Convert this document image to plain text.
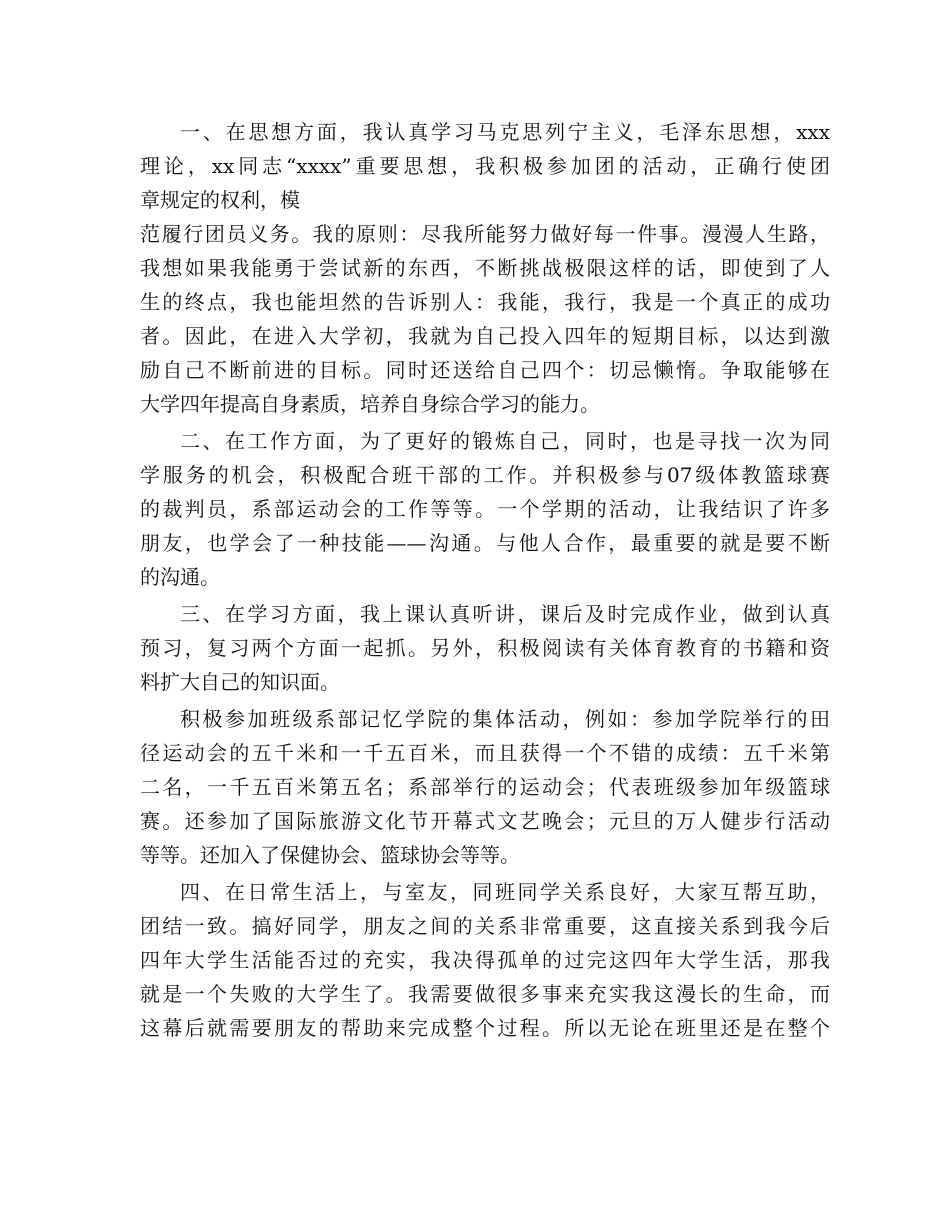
一、在思想方面，我认真学习马克思列宁主义，毛泽东思想，xxx
理论，xx同志“xxxx”重要思想，我积极参加团的活动，正确行使团
章规定的权利，模
范履行团员义务。我的原则：尽我所能努力做好每一件事。漫漫人生路，
我想如果我能勇于尝试新的东西，不断挑战极限这样的话，即使到了人
生的终点，我也能坦然的告诉别人：我能，我行，我是一个真正的成功
者。因此，在进入大学初，我就为自己投入四年的短期目标，以达到激
励自己不断前进的目标。同时还送给自己四个：切忌懒惰。争取能够在
大学四年提高自身素质，培养自身综合学习的能力。
二、在工作方面，为了更好的锻炼自己，同时，也是寻找一次为同
学服务的机会，积极配合班干部的工作。并积极参与07级体教篮球赛
的裁判员，系部运动会的工作等等。一个学期的活动，让我结识了许多
朋友，也学会了一种技能——沟通。与他人合作，最重要的就是要不断
的沟通。
三、在学习方面，我上课认真听讲，课后及时完成作业，做到认真
预习，复习两个方面一起抓。另外，积极阅读有关体育教育的书籍和资
料扩大自己的知识面。
积极参加班级系部记忆学院的集体活动，例如：参加学院举行的田
径运动会的五千米和一千五百米，而且获得一个不错的成绩：五千米第
二名，一千五百米第五名；系部举行的运动会；代表班级参加年级篮球
赛。还参加了国际旅游文化节开幕式文艺晚会；元旦的万人健步行活动
等等。还加入了保健协会、篮球协会等等。
四、在日常生活上，与室友，同班同学关系良好，大家互帮互助，
团结一致。搞好同学，朋友之间的关系非常重要，这直接关系到我今后
四年大学生活能否过的充实，我决得孤单的过完这四年大学生活，那我
就是一个失败的大学生了。我需要做很多事来充实我这漫长的生命，而
这幕后就需要朋友的帮助来完成整个过程。所以无论在班里还是在整个
